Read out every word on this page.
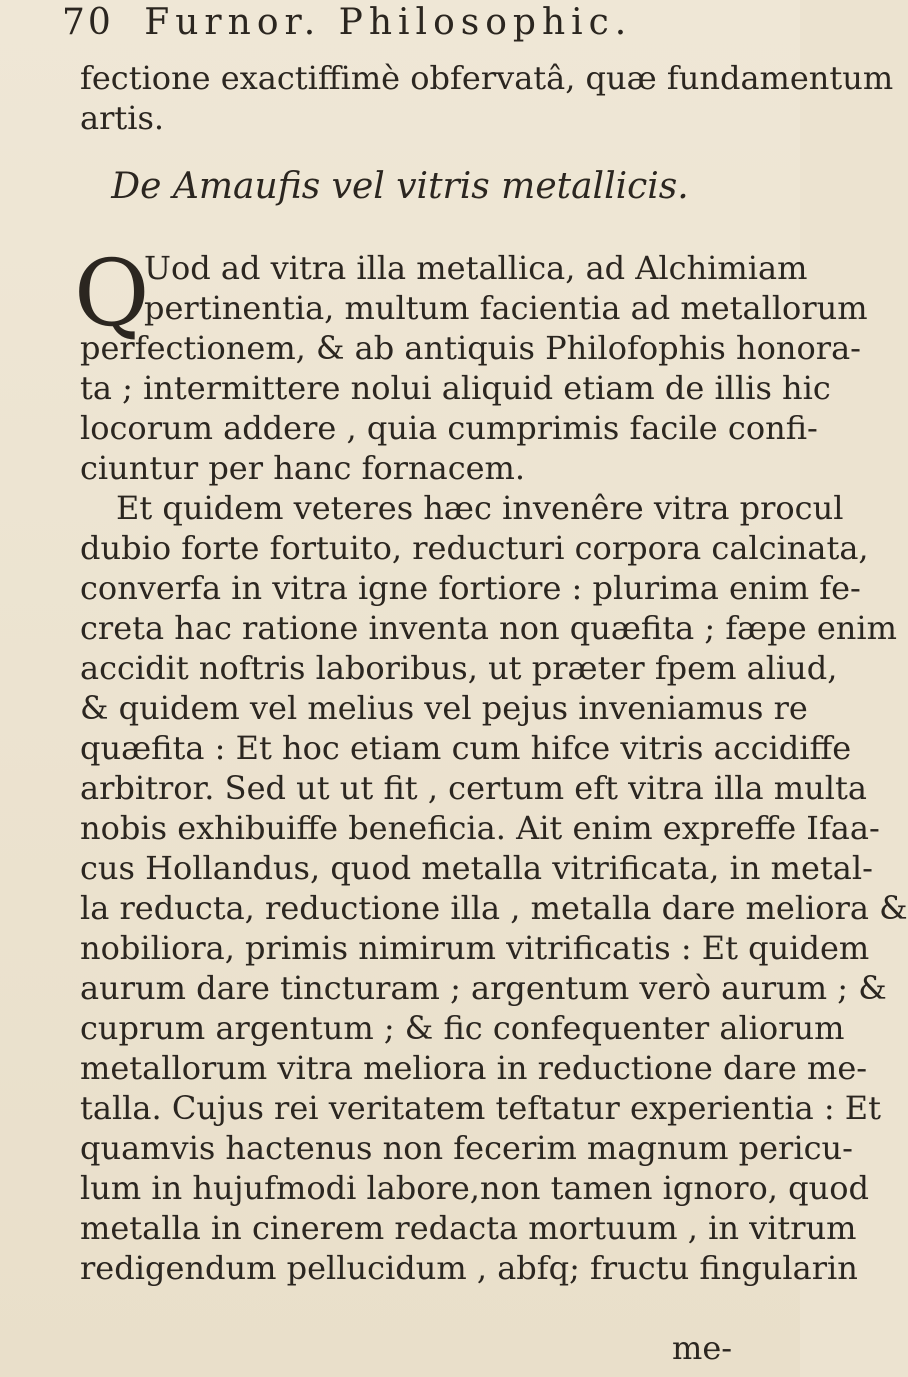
70 Furnor. Philosophic.
fectione exactiffimè obfervatâ, quæ fundamentum
artis.
De Amaufis vel vitris metallicis.
Q
Uod ad vitra illa metallica, ad Alchimiam
pertinentia, multum facientia ad metallorum
perfectionem, & ab antiquis Philofophis honora-
ta ; intermittere nolui aliquid etiam de illis hic
locorum addere , quia cumprimis facile confi-
ciuntur per hanc fornacem.
Et quidem veteres hæc invenêre vitra procul
dubio forte fortuito, reducturi corpora calcinata,
converfa in vitra igne fortiore : plurima enim fe-
creta hac ratione inventa non quæfita ; fæpe enim
accidit noftris laboribus, ut præter fpem aliud,
& quidem vel melius vel pejus inveniamus re
quæfita : Et hoc etiam cum hifce vitris accidiffe
arbitror. Sed ut ut fit , certum eft vitra illa multa
nobis exhibuiffe beneficia. Ait enim expreffe Ifaa-
cus Hollandus, quod metalla vitrificata, in metal-
la reducta, reductione illa , metalla dare meliora &
nobiliora, primis nimirum vitrificatis : Et quidem
aurum dare tincturam ; argentum verò aurum ; &
cuprum argentum ; & fic confequenter aliorum
metallorum vitra meliora in reductione dare me-
talla. Cujus rei veritatem teftatur experientia : Et
quamvis hactenus non fecerim magnum pericu-
lum in hujufmodi labore,non tamen ignoro, quod
metalla in cinerem redacta mortuum , in vitrum
redigendum pellucidum , abfq; fructu fingularin
me-
